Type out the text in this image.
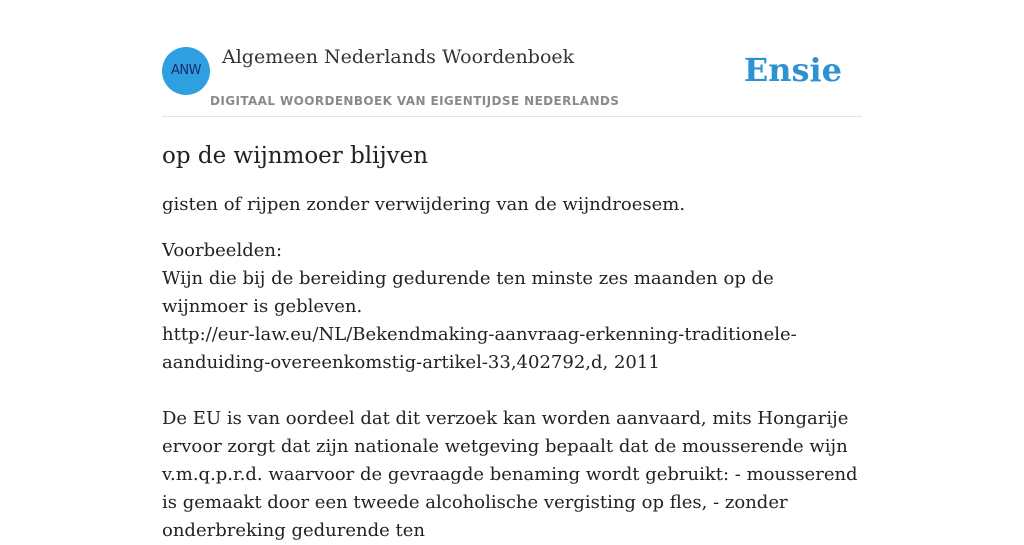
ANW
Algemeen Nederlands Woordenboek
DIGITAAL WOORDENBOEK VAN EIGENTIJDSE NEDERLANDS
Ensie
op de wijnmoer blijven

gisten of rijpen zonder verwijdering van de wijndroesem.

Voorbeelden:

Wijn die bij de bereiding gedurende ten minste zes maanden op de wijnmoer is gebleven.

http://eur-law.eu/NL/Bekendmaking-aanvraag-erkenning-traditionele-aanduiding-overeenkomstig-artikel-33,402792,d, 2011

De EU is van oordeel dat dit verzoek kan worden aanvaard, mits Hongarije ervoor zorgt dat zijn nationale wetgeving bepaalt dat de mousserende wijn v.m.q.p.r.d. waarvoor de gevraagde benaming wordt gebruikt: - mousserend is gemaakt door een tweede alcoholische vergisting op fles, - zonder onderbreking gedurende ten
